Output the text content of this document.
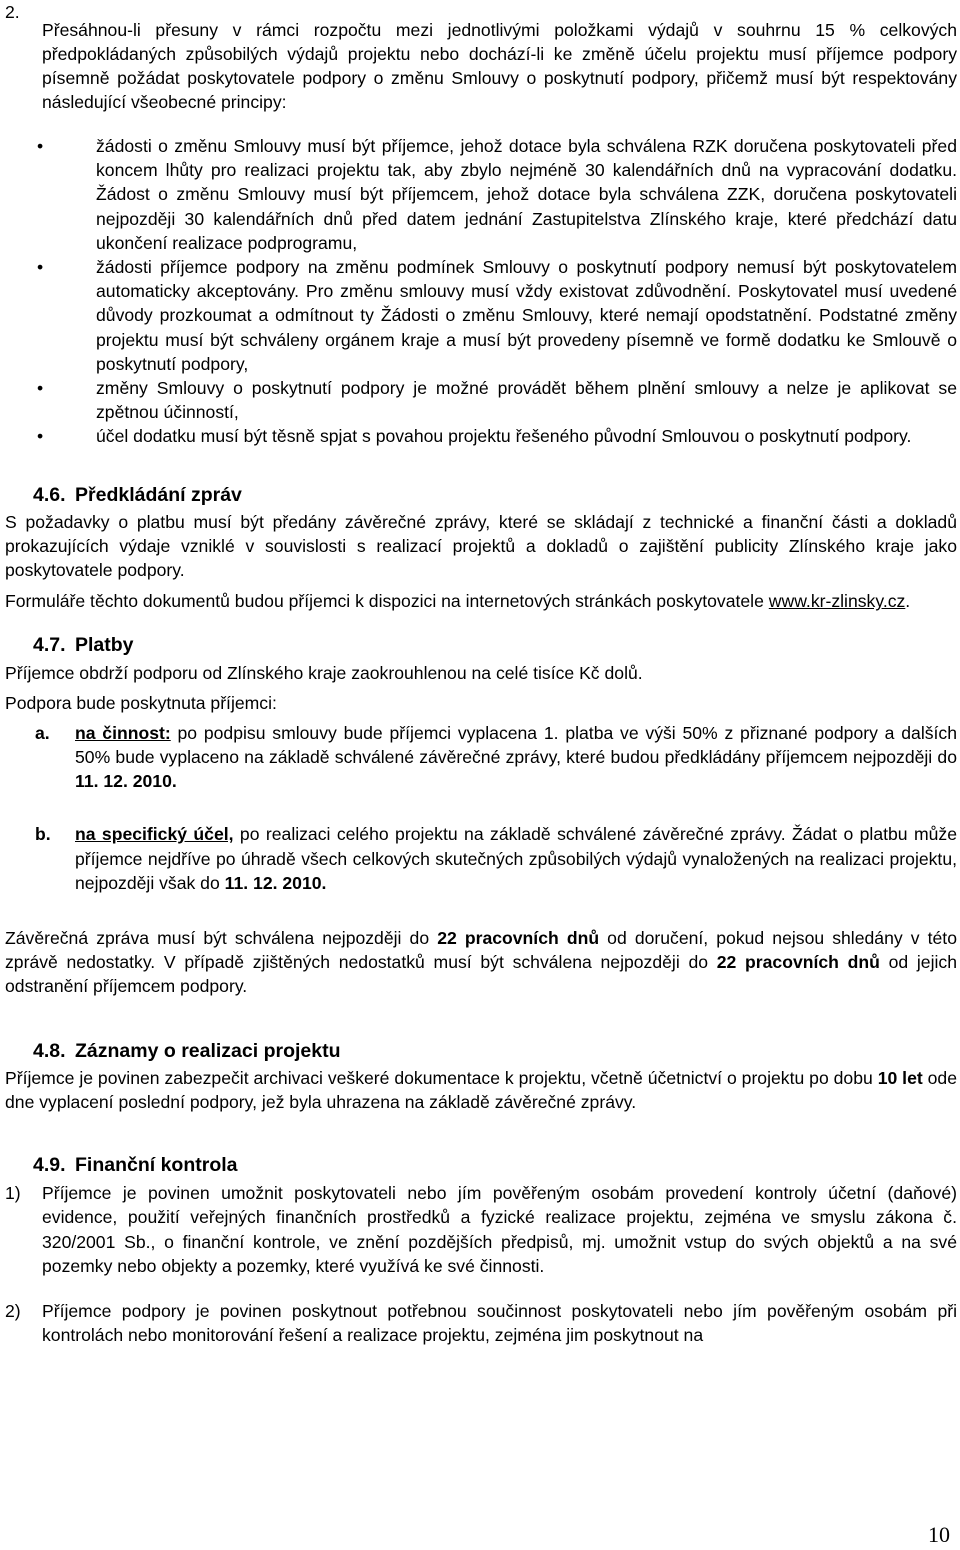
2.

Přesáhnou-li přesuny v rámci rozpočtu mezi jednotlivými položkami výdajů v souhrnu 15 % celkových předpokládaných způsobilých výdajů projektu nebo dochází-li ke změně účelu projektu musí příjemce podpory písemně požádat poskytovatele podpory o změnu Smlouvy o poskytnutí podpory, přičemž musí být respektovány následující všeobecné principy:

• žádosti o změnu Smlouvy musí být příjemce, jehož dotace byla schválena RZK doručena poskytovateli před koncem lhůty pro realizaci projektu tak, aby zbylo nejméně 30 kalendářních dnů na vypracování dodatku. Žádost o změnu Smlouvy musí být příjemcem, jehož dotace byla schválena ZZK, doručena poskytovateli nejpozději 30 kalendářních dnů před datem jednání Zastupitelstva Zlínského kraje, které předchází datu ukončení realizace podprogramu,
• žádosti příjemce podpory na změnu podmínek Smlouvy o poskytnutí podpory nemusí být poskytovatelem automaticky akceptovány. Pro změnu smlouvy musí vždy existovat zdůvodnění. Poskytovatel musí uvedené důvody prozkoumat a odmítnout ty Žádosti o změnu Smlouvy, které nemají opodstatnění. Podstatné změny projektu musí být schváleny orgánem kraje a musí být provedeny písemně ve formě dodatku ke Smlouvě o poskytnutí podpory,
• změny Smlouvy o poskytnutí podpory je možné provádět během plnění smlouvy a nelze je aplikovat se zpětnou účinností,
• účel dodatku musí být těsně spjat s povahou projektu řešeného původní Smlouvou o poskytnutí podpory.
4.6. Předkládání zpráv

S požadavky o platbu musí být předány závěrečné zprávy, které se skládají z technické a finanční části a dokladů prokazujících výdaje vzniklé v souvislosti s realizací projektů a dokladů o zajištění publicity Zlínského kraje jako poskytovatele podpory.

Formuláře těchto dokumentů budou příjemci k dispozici na internetových stránkách poskytovatele www.kr-zlinsky.cz.

4.7. Platby

Příjemce obdrží podporu od Zlínského kraje zaokrouhlenou na celé tisíce Kč dolů.

Podpora bude poskytnuta příjemci:

a.	na činnost: po podpisu smlouvy bude příjemci vyplacena 1. platba ve výši 50% z přiznané podpory a dalších 50% bude vyplaceno na základě schválené závěrečné zprávy, které budou předkládány příjemcem nejpozději do 11. 12. 2010.

b.	na specifický účel, po realizaci celého projektu na základě schválené závěrečné zprávy. Žádat o platbu může příjemce nejdříve po úhradě všech celkových skutečných způsobilých výdajů vynaložených na realizaci projektu, nejpozději však do 11. 12. 2010.

Závěrečná zpráva musí být schválena nejpozději do 22 pracovních dnů od doručení, pokud nejsou shledány v této zprávě nedostatky. V případě zjištěných nedostatků musí být schválena nejpozději do 22 pracovních dnů od jejich odstranění příjemcem podpory.

4.8. Záznamy o realizaci projektu

Příjemce je povinen zabezpečit archivaci veškeré dokumentace k projektu, včetně účetnictví o projektu po dobu 10 let ode dne vyplacení poslední podpory, jež byla uhrazena na základě závěrečné zprávy.

4.9. Finanční kontrola
1)	Příjemce je povinen umožnit poskytovateli nebo jím pověřeným osobám provedení kontroly účetní (daňové) evidence, použití veřejných finančních prostředků a fyzické realizace projektu, zejména ve smyslu zákona č. 320/2001 Sb., o finanční kontrole, ve znění pozdějších předpisů, mj. umožnit vstup do svých objektů a na své pozemky nebo objekty a pozemky, které využívá ke své činnosti.

2)	Příjemce podpory je povinen poskytnout potřebnou součinnost poskytovateli nebo jím pověřeným osobám při kontrolách nebo monitorování řešení a realizace projektu, zejména jim poskytnout na

10
